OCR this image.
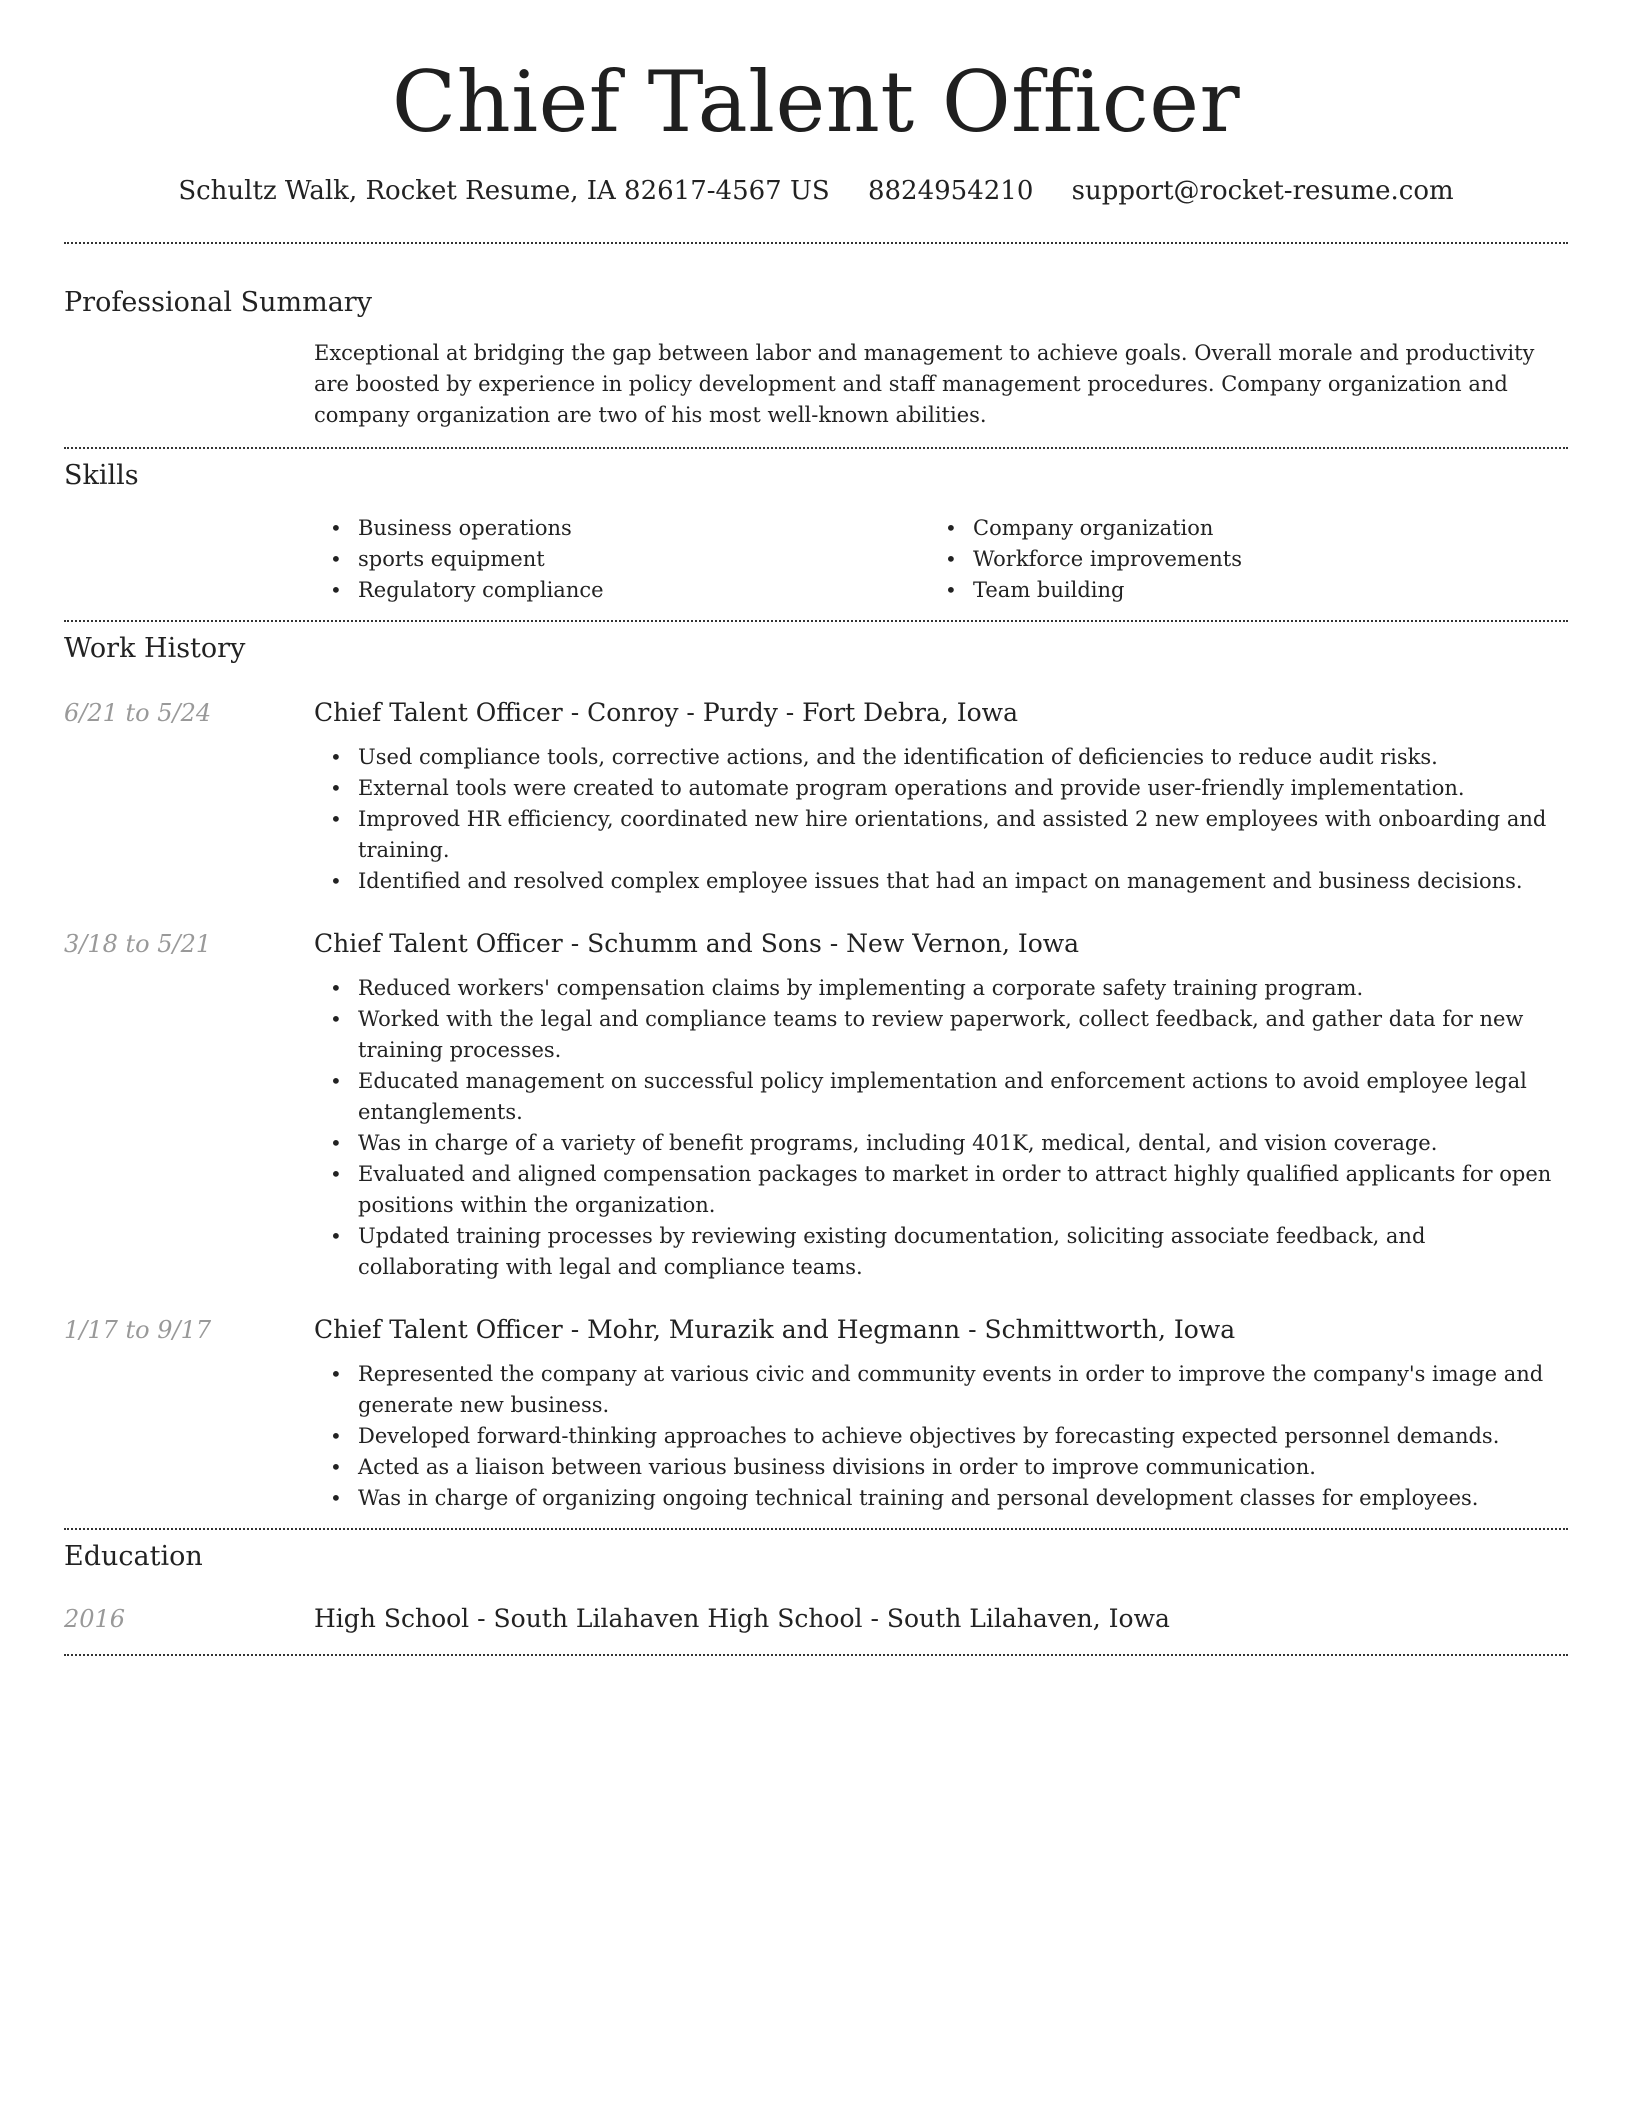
Chief Talent Officer
Schultz Walk, Rocket Resume, IA 82617-4567 US 8824954210 support@rocket-resume.com
Professional Summary

Exceptional at bridging the gap between labor and management to achieve goals. Overall morale and productivity are boosted by experience in policy development and staff management procedures. Company organization and company organization are two of his most well-known abilities.

Skills
• Business operations
• sports equipment
• Regulatory compliance
• Company organization
• Workforce improvements
• Team building
Work History
6/21 to 5/24	Chief Talent Officer - Conroy - Purdy - Fort Debra, Iowa
• Used compliance tools, corrective actions, and the identification of deficiencies to reduce audit risks.
• External tools were created to automate program operations and provide user-friendly implementation.
• Improved HR efficiency, coordinated new hire orientations, and assisted 2 new employees with onboarding and training.
• Identified and resolved complex employee issues that had an impact on management and business decisions.
3/18 to 5/21	Chief Talent Officer - Schumm and Sons - New Vernon, Iowa
• Reduced workers' compensation claims by implementing a corporate safety training program.
• Worked with the legal and compliance teams to review paperwork, collect feedback, and gather data for new training processes.
• Educated management on successful policy implementation and enforcement actions to avoid employee legal entanglements.
• Was in charge of a variety of benefit programs, including 401K, medical, dental, and vision coverage.
• Evaluated and aligned compensation packages to market in order to attract highly qualified applicants for open positions within the organization.
• Updated training processes by reviewing existing documentation, soliciting associate feedback, and collaborating with legal and compliance teams.
1/17 to 9/17	Chief Talent Officer - Mohr, Murazik and Hegmann - Schmittworth, Iowa
• Represented the company at various civic and community events in order to improve the company's image and generate new business.
• Developed forward-thinking approaches to achieve objectives by forecasting expected personnel demands.
• Acted as a liaison between various business divisions in order to improve communication.
• Was in charge of organizing ongoing technical training and personal development classes for employees.
Education
2016	High School - South Lilahaven High School - South Lilahaven, Iowa
